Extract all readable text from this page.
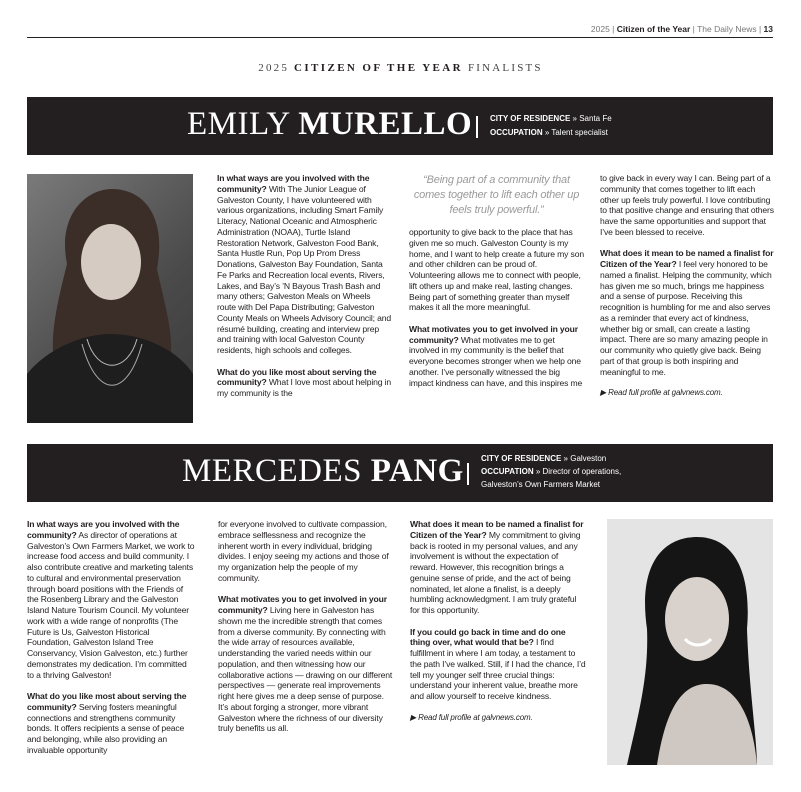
2025 | Citizen of the Year | The Daily News | 13
2025 CITIZEN OF THE YEAR FINALISTS
EMILY MURELLO CITY OF RESIDENCE » Santa Fe
OCCUPATION » Talent specialist

In what ways are you involved with the community? With The Junior League of Galveston County, I have volunteered with various organizations, including Smart Family Literacy, National Oceanic and Atmospheric Administration (NOAA), Turtle Island Restoration Network, Galveston Food Bank, Santa Hustle Run, Pop Up Prom Dress Donations, Galveston Bay Foundation, Santa Fe Parks and Recreation local events, Rivers, Lakes, and Bay’s ’N Bayous Trash Bash and many others; Galveston Meals on Wheels route with Del Papa Distributing; Galveston County Meals on Wheels Advisory Council; and résumé building, creating and interview prep and training with local Galveston County residents, high schools and colleges.

What do you like most about serving the community? What I love most about helping in my community is the

“Being part of a community that comes together to lift each other up feels truly powerful.”

opportunity to give back to the place that has given me so much. Galveston County is my home, and I want to help create a future my son and other children can be proud of. Volunteering allows me to connect with people, lift others up and make real, lasting changes. Being part of something greater than myself makes it all the more meaningful.

What motivates you to get involved in your community? What motivates me to get involved in my community is the belief that everyone becomes stronger when we help one another. I’ve personally witnessed the big impact kindness can have, and this inspires me

to give back in every way I can. Being part of a community that comes together to lift each other up feels truly powerful. I love contributing to that positive change and ensuring that others have the same opportunities and support that I’ve been blessed to receive.

What does it mean to be named a finalist for Citizen of the Year? I feel very honored to be named a finalist. Helping the community, which has given me so much, brings me happiness and a sense of purpose. Receiving this recognition is humbling for me and also serves as a reminder that every act of kindness, whether big or small, can create a lasting impact. There are so many amazing people in our community who quietly give back. Being part of that group is both inspiring and meaningful to me.

▶ Read full profile at galvnews.com.

MERCEDES PANG CITY OF RESIDENCE » Galveston
OCCUPATION » Director of operations,
Galveston’s Own Farmers Market

In what ways are you involved with the community? As director of operations at Galveston’s Own Farmers Market, we work to increase food access and build community. I also contribute creative and marketing talents to cultural and environmental preservation through board positions with the Friends of the Rosenberg Library and the Galveston Island Nature Tourism Council. My volunteer work with a wide range of nonprofits (The Future is Us, Galveston Historical Foundation, Galveston Island Tree Conservancy, Vision Galveston, etc.) further demonstrates my dedication. I’m committed to a thriving Galveston!

What do you like most about serving the community? Serving fosters meaningful connections and strengthens community bonds. It offers recipients a sense of peace and belonging, while also providing an invaluable opportunity

for everyone involved to cultivate compassion, embrace selflessness and recognize the inherent worth in every individual, bridging divides. I enjoy seeing my actions and those of my organization help the people of my community.

What motivates you to get involved in your community? Living here in Galveston has shown me the incredible strength that comes from a diverse community. By connecting with the wide array of resources available, understanding the varied needs within our population, and then witnessing how our collaborative actions — drawing on our different perspectives — generate real improvements right here gives me a deep sense of purpose. It’s about forging a stronger, more vibrant Galveston where the richness of our diversity truly benefits us all.

What does it mean to be named a finalist for Citizen of the Year? My commitment to giving back is rooted in my personal values, and any involvement is without the expectation of reward. However, this recognition brings a genuine sense of pride, and the act of being nominated, let alone a finalist, is a deeply humbling acknowledgment. I am truly grateful for this opportunity.

If you could go back in time and do one thing over, what would that be? I find fulfillment in where I am today, a testament to the path I’ve walked. Still, if I had the chance, I’d tell my younger self three crucial things: understand your inherent value, breathe more and allow yourself to receive kindness.

▶ Read full profile at galvnews.com.
